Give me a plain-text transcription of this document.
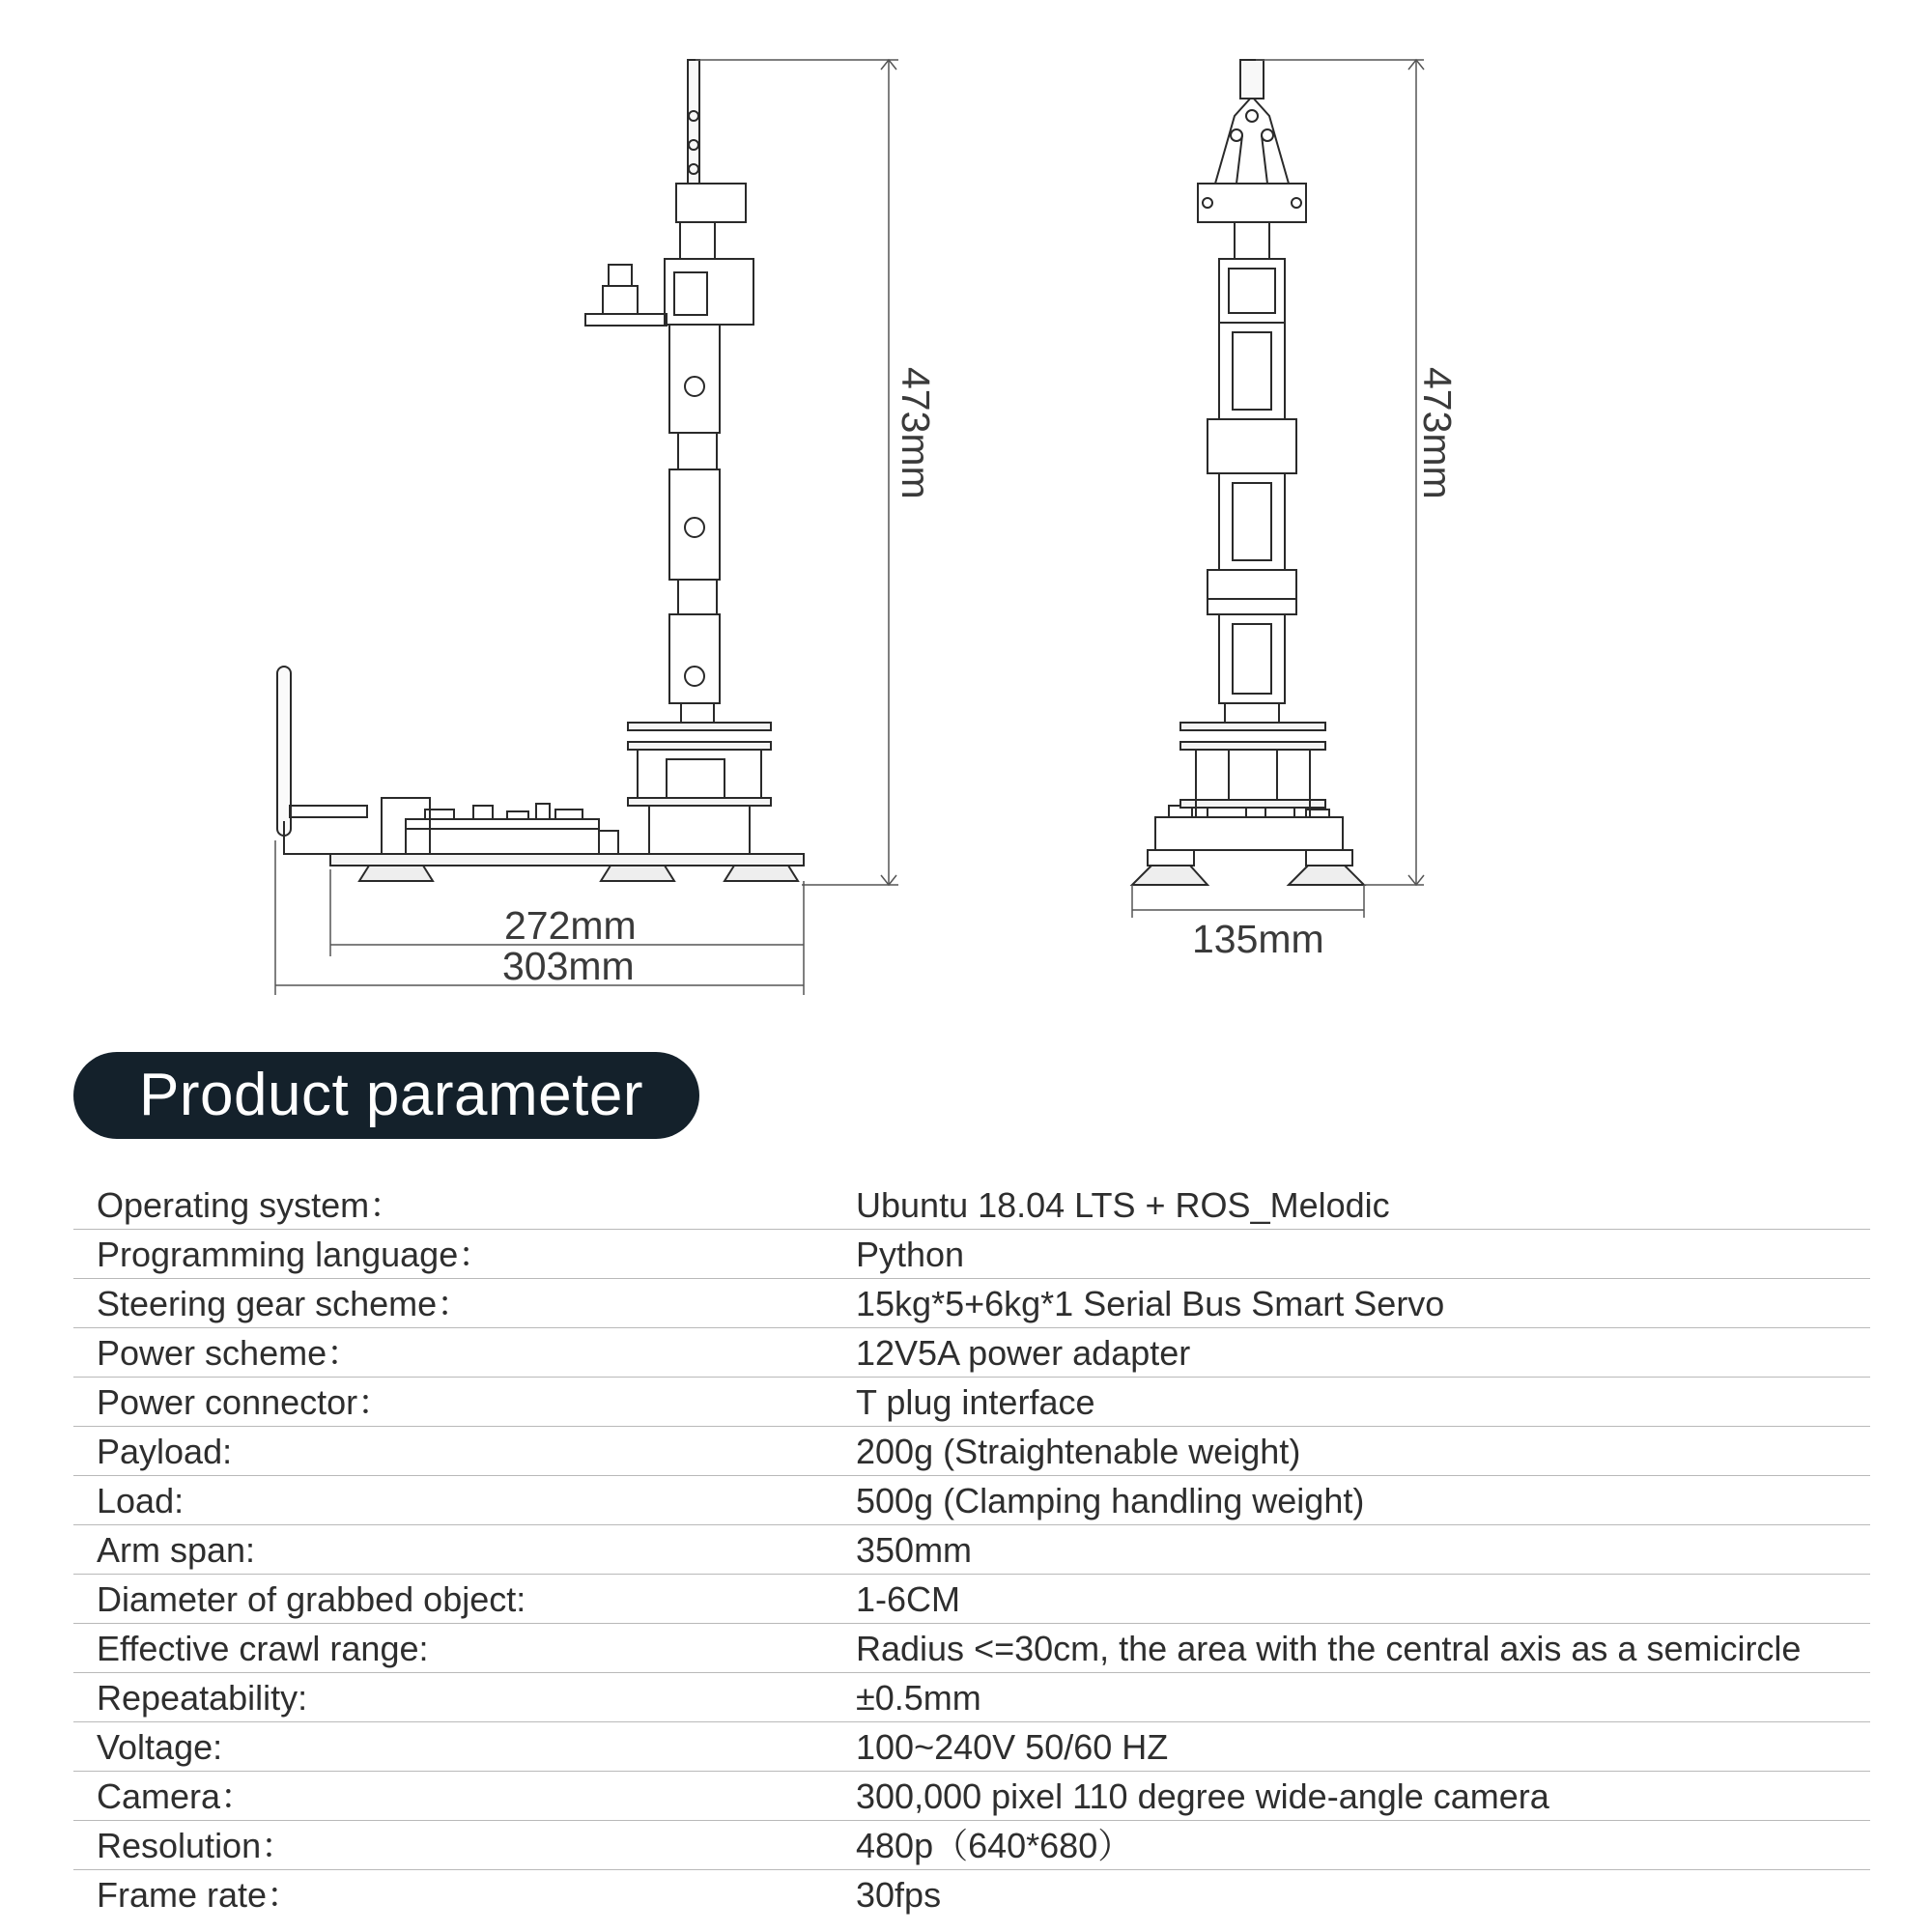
473mm
272mm
303mm
473mm
135mm
Product parameter
Operating system：	Ubuntu 18.04 LTS + ROS_Melodic
Programming language：	Python
Steering gear scheme：	15kg*5+6kg*1 Serial Bus Smart Servo
Power scheme：	12V5A power adapter
Power connector：	T plug interface
Payload:	200g (Straightenable weight)
Load:	500g (Clamping handling weight)
Arm span:	350mm
Diameter of grabbed object:	1-6CM
Effective crawl range:	Radius <=30cm, the area with the central axis as a semicircle
Repeatability:	±0.5mm
Voltage:	100~240V 50/60 HZ
Camera：	300,000 pixel 110 degree wide-angle camera
Resolution：	480p（640*680）
Frame rate：	30fps
